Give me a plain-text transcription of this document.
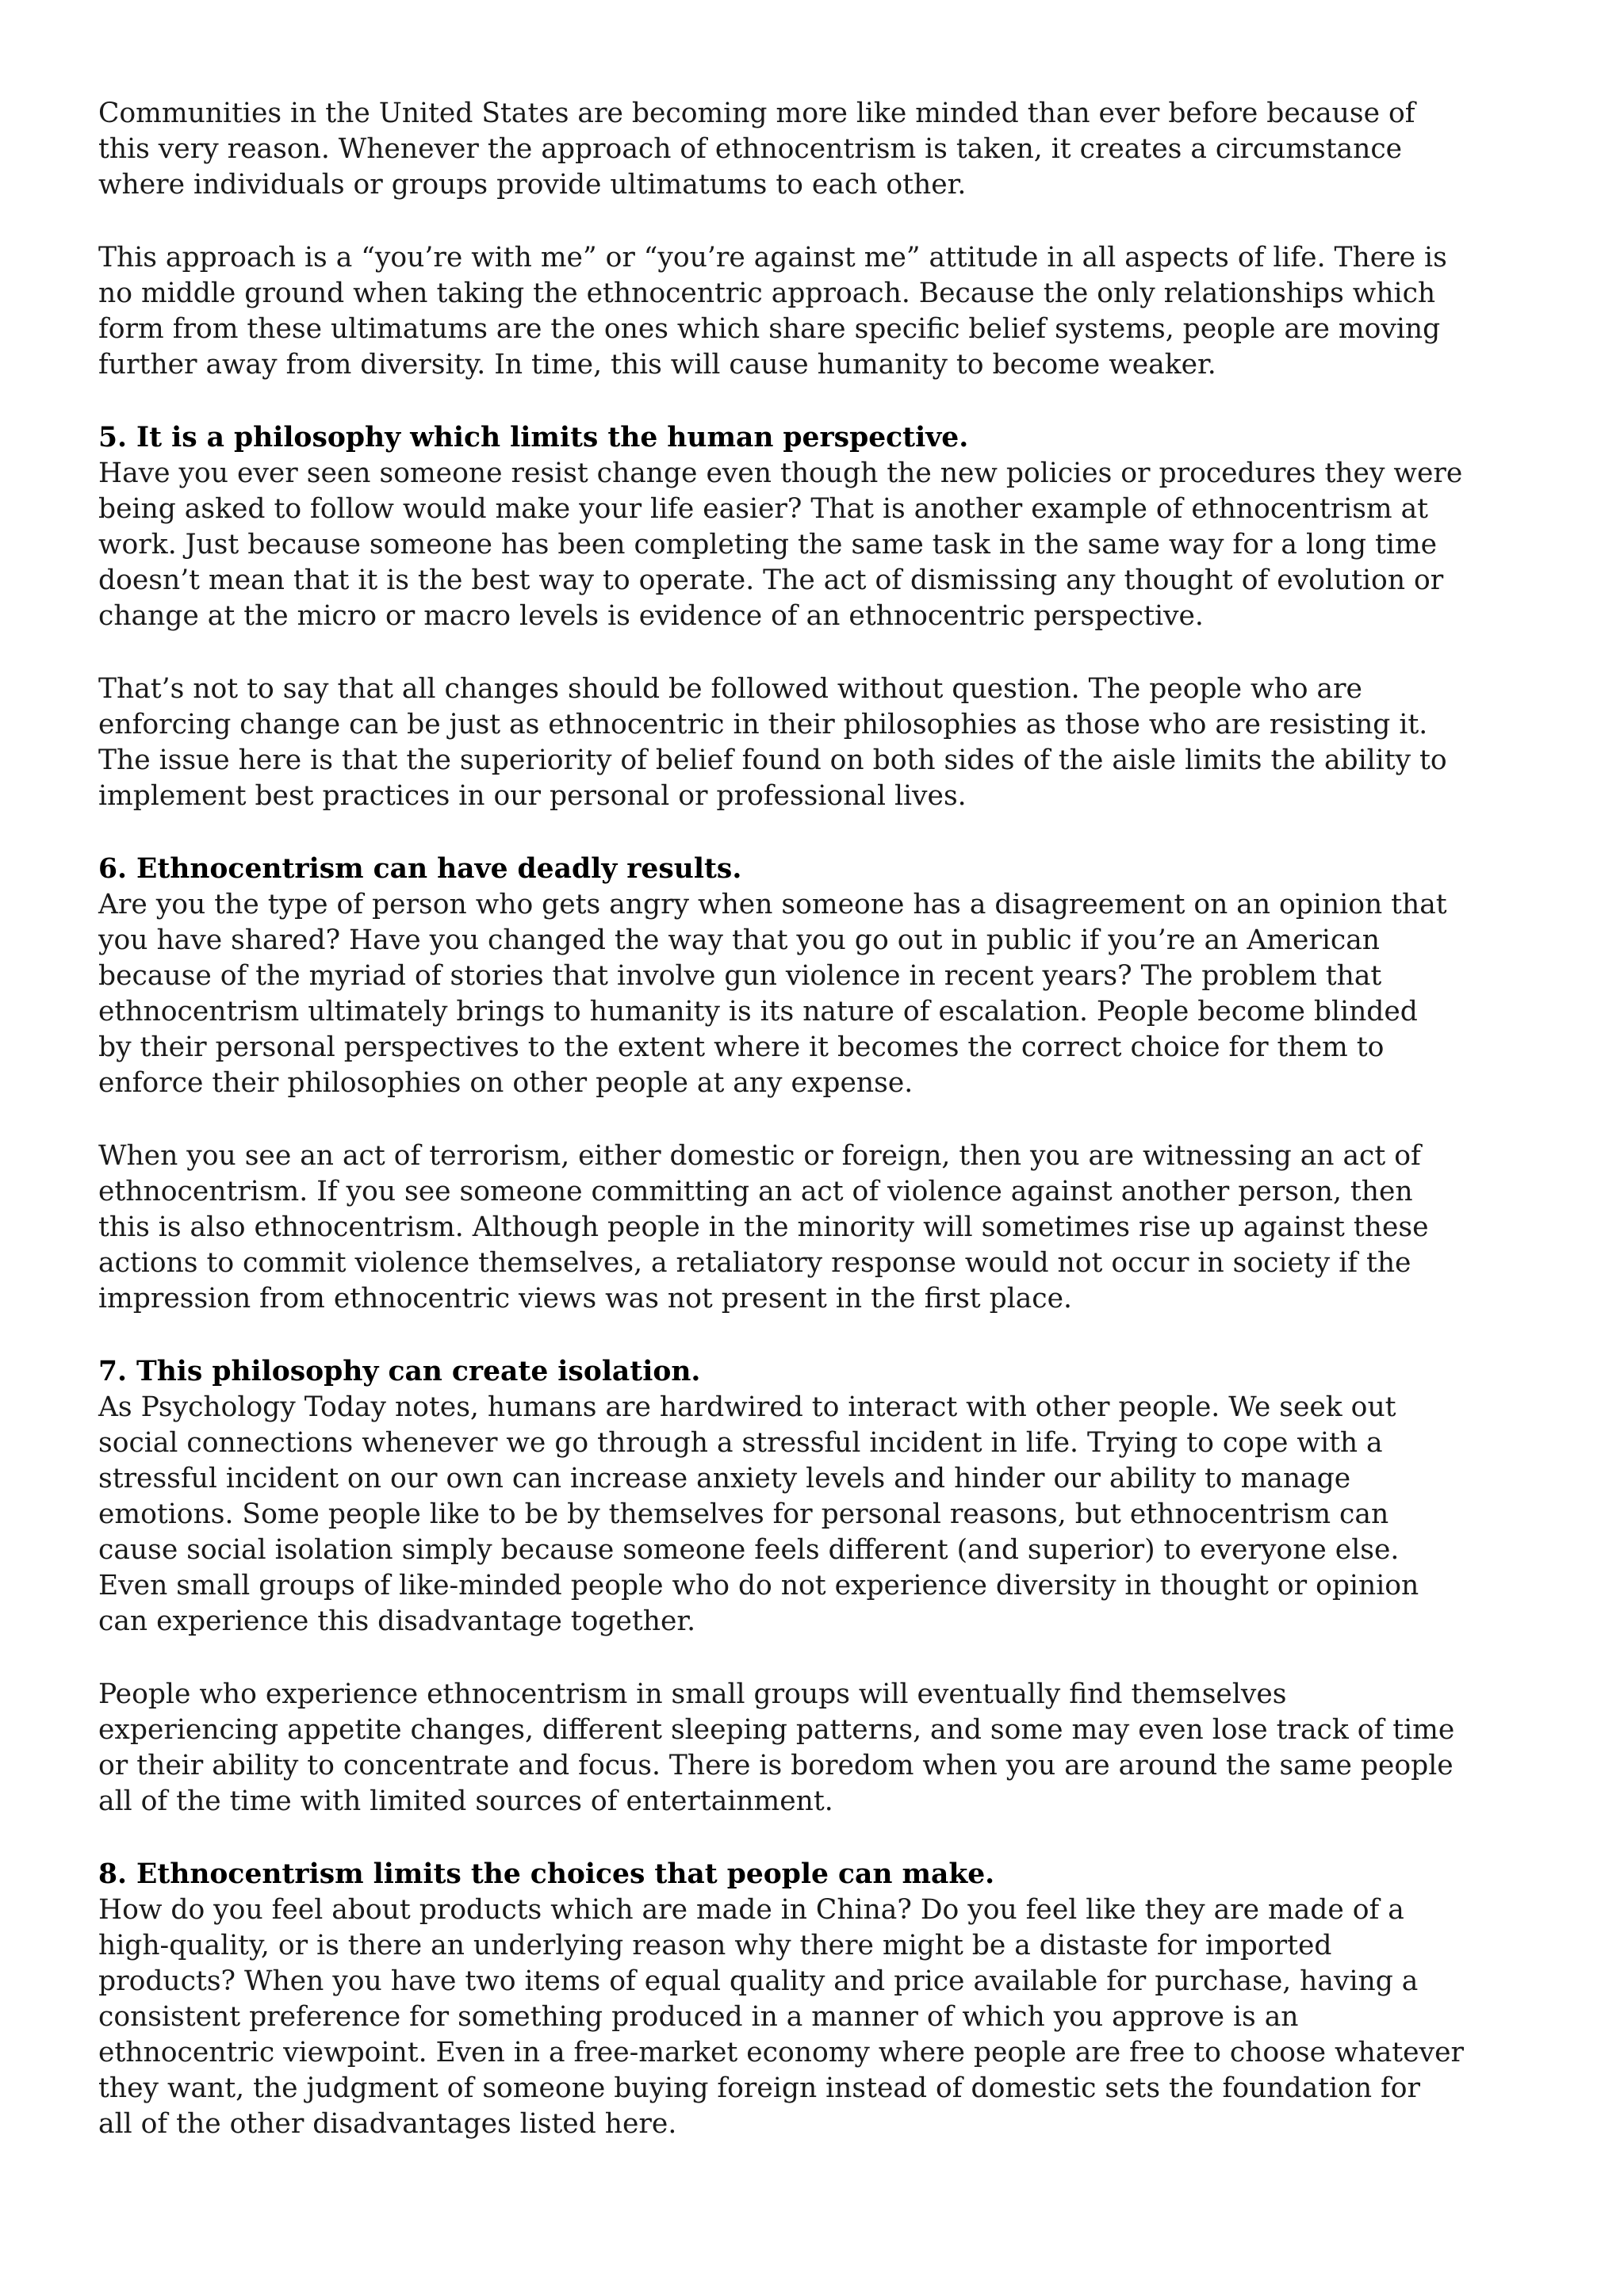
Communities in the United States are becoming more like minded than ever before because of
this very reason. Whenever the approach of ethnocentrism is taken, it creates a circumstance
where individuals or groups provide ultimatums to each other.
This approach is a “you’re with me” or “you’re against me” attitude in all aspects of life. There is
no middle ground when taking the ethnocentric approach. Because the only relationships which
form from these ultimatums are the ones which share specific belief systems, people are moving
further away from diversity. In time, this will cause humanity to become weaker.
5. It is a philosophy which limits the human perspective.
Have you ever seen someone resist change even though the new policies or procedures they were
being asked to follow would make your life easier? That is another example of ethnocentrism at
work. Just because someone has been completing the same task in the same way for a long time
doesn’t mean that it is the best way to operate. The act of dismissing any thought of evolution or
change at the micro or macro levels is evidence of an ethnocentric perspective.
That’s not to say that all changes should be followed without question. The people who are
enforcing change can be just as ethnocentric in their philosophies as those who are resisting it.
The issue here is that the superiority of belief found on both sides of the aisle limits the ability to
implement best practices in our personal or professional lives.
6. Ethnocentrism can have deadly results.
Are you the type of person who gets angry when someone has a disagreement on an opinion that
you have shared? Have you changed the way that you go out in public if you’re an American
because of the myriad of stories that involve gun violence in recent years? The problem that
ethnocentrism ultimately brings to humanity is its nature of escalation. People become blinded
by their personal perspectives to the extent where it becomes the correct choice for them to
enforce their philosophies on other people at any expense.
When you see an act of terrorism, either domestic or foreign, then you are witnessing an act of
ethnocentrism. If you see someone committing an act of violence against another person, then
this is also ethnocentrism. Although people in the minority will sometimes rise up against these
actions to commit violence themselves, a retaliatory response would not occur in society if the
impression from ethnocentric views was not present in the first place.
7. This philosophy can create isolation.
As Psychology Today notes, humans are hardwired to interact with other people. We seek out
social connections whenever we go through a stressful incident in life. Trying to cope with a
stressful incident on our own can increase anxiety levels and hinder our ability to manage
emotions. Some people like to be by themselves for personal reasons, but ethnocentrism can
cause social isolation simply because someone feels different (and superior) to everyone else.
Even small groups of like-minded people who do not experience diversity in thought or opinion
can experience this disadvantage together.
People who experience ethnocentrism in small groups will eventually find themselves
experiencing appetite changes, different sleeping patterns, and some may even lose track of time
or their ability to concentrate and focus. There is boredom when you are around the same people
all of the time with limited sources of entertainment.
8. Ethnocentrism limits the choices that people can make.
How do you feel about products which are made in China? Do you feel like they are made of a
high-quality, or is there an underlying reason why there might be a distaste for imported
products? When you have two items of equal quality and price available for purchase, having a
consistent preference for something produced in a manner of which you approve is an
ethnocentric viewpoint. Even in a free-market economy where people are free to choose whatever
they want, the judgment of someone buying foreign instead of domestic sets the foundation for
all of the other disadvantages listed here.
